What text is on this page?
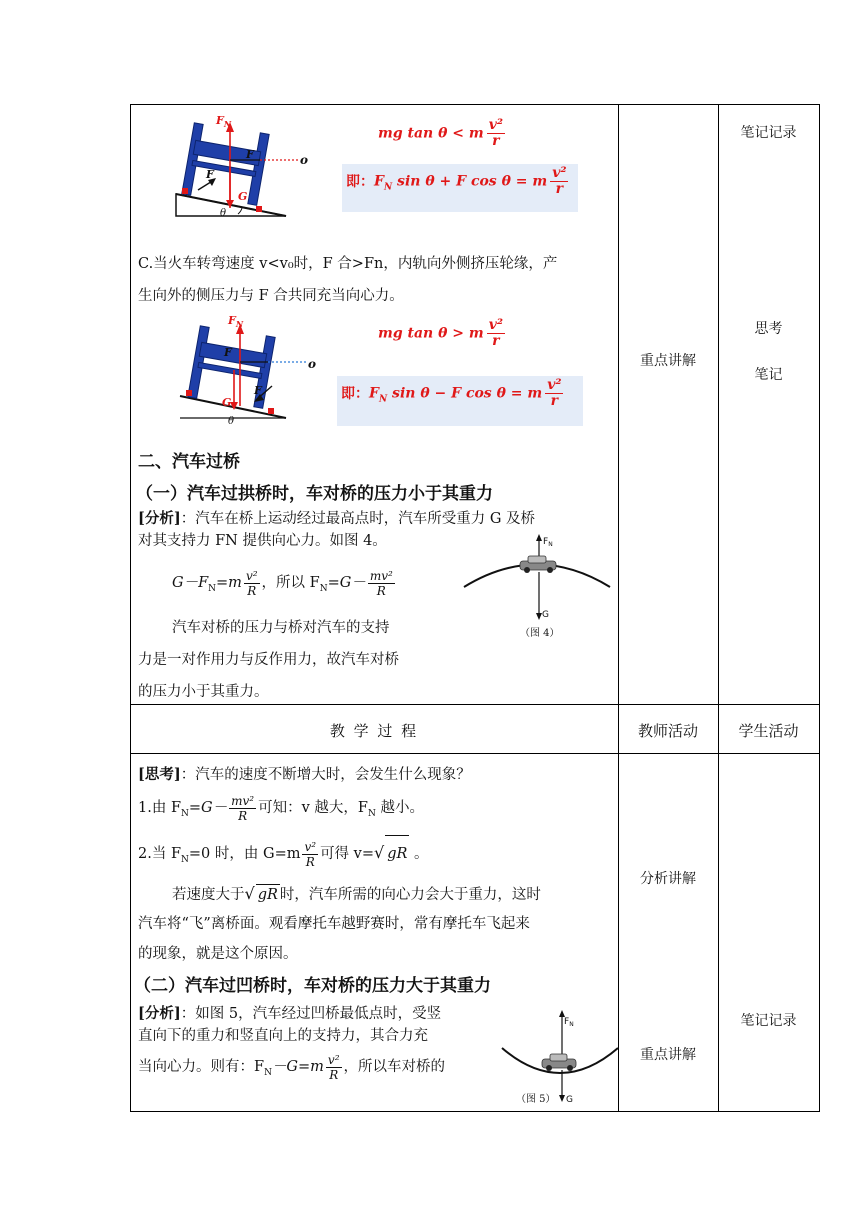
笔记记录
重点讲解
思考
笔记
$F_N$
F
G
F
o
θ
mg tan θ < m $\frac{\text{v²}}{r}$
即：$F_N$ sin θ + F cos θ = m $\frac{\text{v²}}{r}$
C.当火车转弯速度 v<v₀时，F 合>Fn，内轨向外侧挤压轮缘，产
生向外的侧压力与 F 合共同充当向心力。
$F_N$
F
F
G
o
θ
mg tan θ > m $\frac{\text{v²}}{r}$
即：$F_N$ sin θ − F cos θ = m $\frac{\text{v²}}{r}$
二、汽车过桥
（一）汽车过拱桥时，车对桥的压力小于其重力
[分析]：汽车在桥上运动经过最高点时，汽车所受重力 G 及桥
对其支持力 FN 提供向心力。如图 4。
$G-F_N=m \frac{\text{v²}}{R}$ ，所以 $F_N=G- \frac{\text{mv²}}{R}$
汽车对桥的压力与桥对汽车的支持
力是一对作用力与反作用力，故汽车对桥
的压力小于其重力。
$F_N$
G
（图 4）
教 学 过 程	教师活动	学生活动
[思考]：汽车的速度不断增大时，会发生什么现象？
1.由 $F_N=G- \frac{\text{mv²}}{R}$ 可知：v 越大，$F_N$ 越小。
2.当 $F_N=0$ 时，由 $G=m \frac{\text{v²}}{R}$ 可得 v=√ gR 。
若速度大于√ gR 时，汽车所需的向心力会大于重力，这时
汽车将“飞”离桥面。观看摩托车越野赛时，常有摩托车飞起来
的现象，就是这个原因。
（二）汽车过凹桥时，车对桥的压力大于其重力
[分析]：如图 5，汽车经过凹桥最低点时，受竖
直向下的重力和竖直向上的支持力，其合力充
当向心力。则有：$F_N-G=m \frac{\text{v²}}{R}$ ，所以车对桥的
$F_N$
（图 5） G
分析讲解
重点讲解
笔记记录
